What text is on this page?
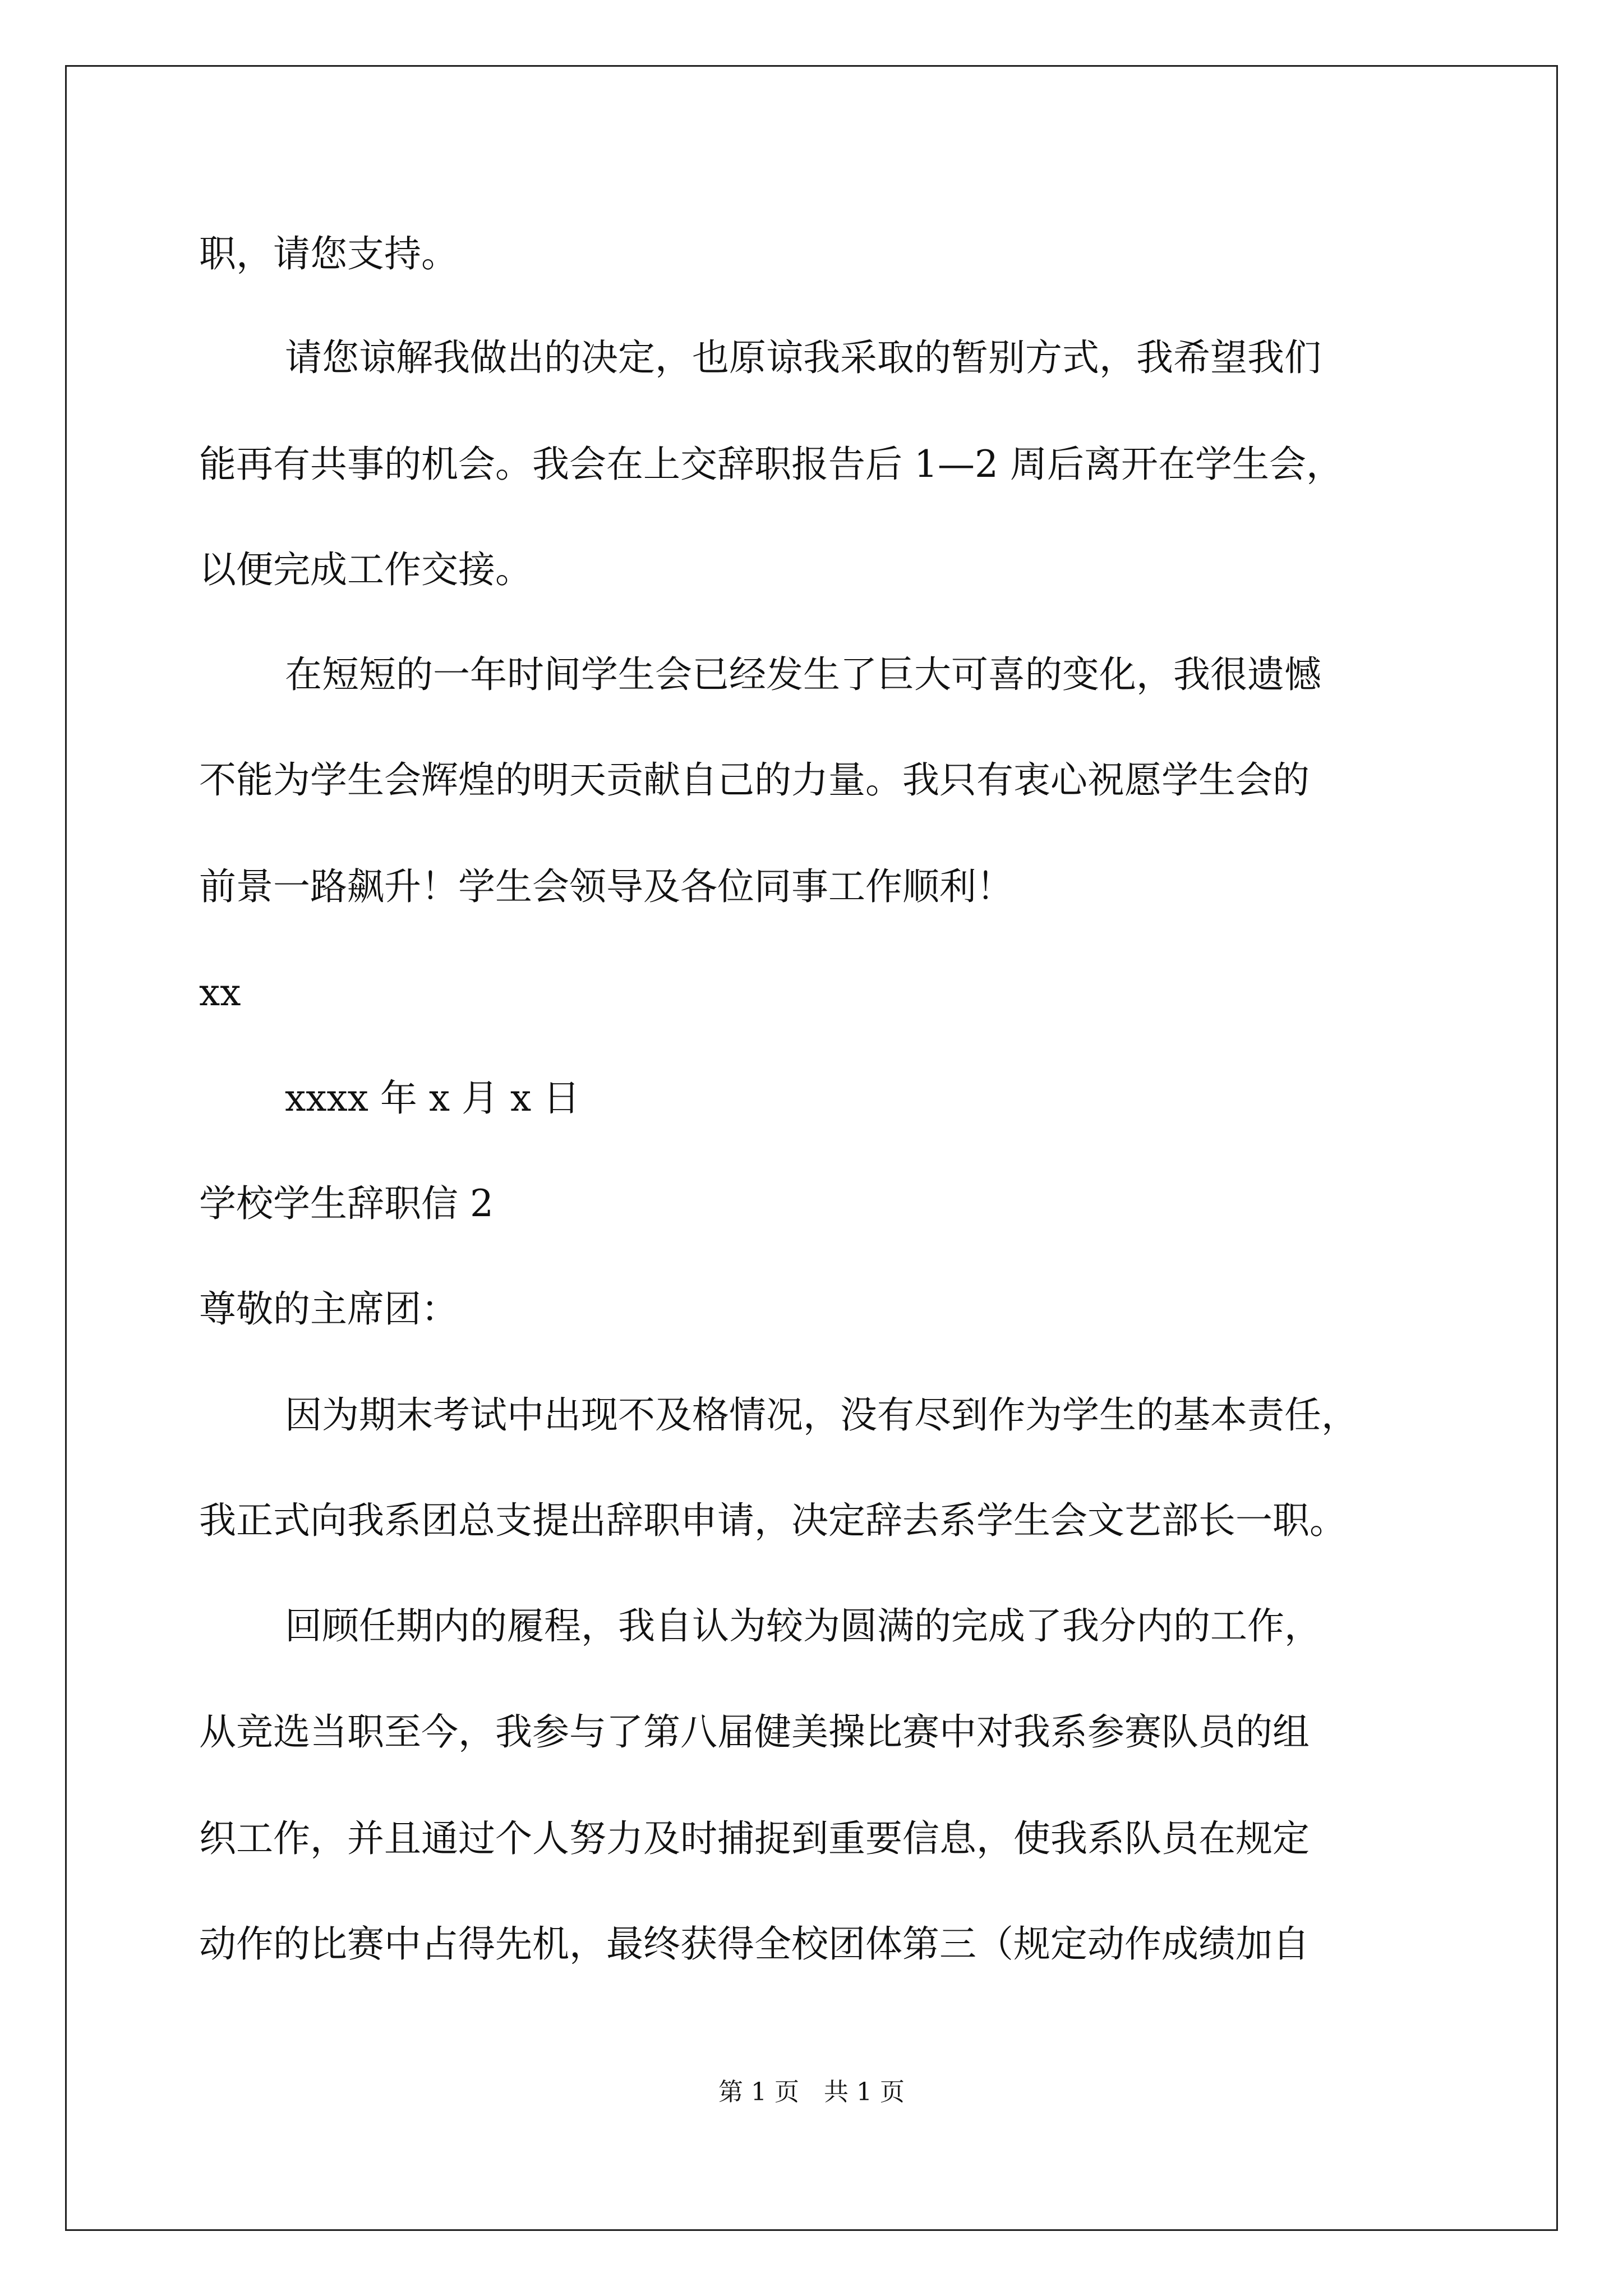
职，请您支持。
请您谅解我做出的决定，也原谅我采取的暂别方式，我希望我们
能再有共事的机会。我会在上交辞职报告后 1—2 周后离开在学生会，
以便完成工作交接。
在短短的一年时间学生会已经发生了巨大可喜的变化，我很遗憾
不能为学生会辉煌的明天贡献自己的力量。我只有衷心祝愿学生会的
前景一路飙升！学生会领导及各位同事工作顺利！
xx
xxxx 年 x 月 x 日
学校学生辞职信 2
尊敬的主席团：
因为期末考试中出现不及格情况，没有尽到作为学生的基本责任，
我正式向我系团总支提出辞职申请，决定辞去系学生会文艺部长一职。
回顾任期内的履程，我自认为较为圆满的完成了我分内的工作，
从竞选当职至今，我参与了第八届健美操比赛中对我系参赛队员的组
织工作，并且通过个人努力及时捕捉到重要信息，使我系队员在规定
动作的比赛中占得先机，最终获得全校团体第三（规定动作成绩加自
第 1 页　共 1 页
